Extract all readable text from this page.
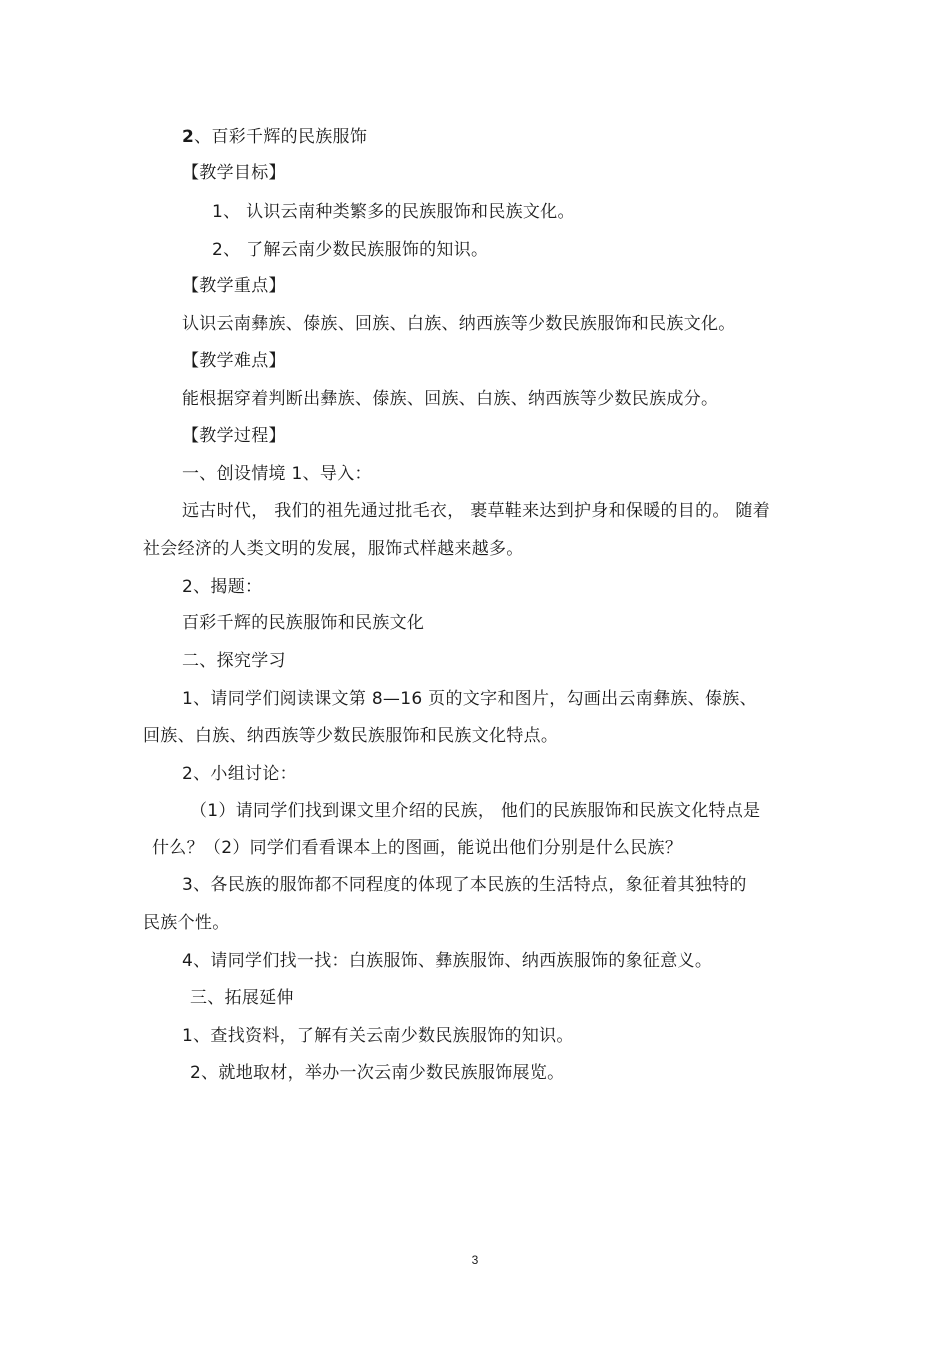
2、百彩千辉的民族服饰
【教学目标】
1、 认识云南种类繁多的民族服饰和民族文化。
2、 了解云南少数民族服饰的知识。
【教学重点】
认识云南彝族、傣族、回族、白族、纳西族等少数民族服饰和民族文化。
【教学难点】
能根据穿着判断出彝族、傣族、回族、白族、纳西族等少数民族成分。
【教学过程】
一、创设情境 1、导入：
远古时代， 我们的祖先通过批毛衣， 裹草鞋来达到护身和保暖的目的。 随着
社会经济的人类文明的发展，服饰式样越来越多。
2、揭题：
百彩千辉的民族服饰和民族文化
二、探究学习
1、请同学们阅读课文第 8—16 页的文字和图片，勾画出云南彝族、傣族、
回族、白族、纳西族等少数民族服饰和民族文化特点。
2、小组讨论：
（1）请同学们找到课文里介绍的民族， 他们的民族服饰和民族文化特点是
什么？（2）同学们看看课本上的图画，能说出他们分别是什么民族？
3、各民族的服饰都不同程度的体现了本民族的生活特点，象征着其独特的
民族个性。
4、请同学们找一找：白族服饰、彝族服饰、纳西族服饰的象征意义。
三、拓展延伸
1、查找资料，了解有关云南少数民族服饰的知识。
2、就地取材，举办一次云南少数民族服饰展览。
3
